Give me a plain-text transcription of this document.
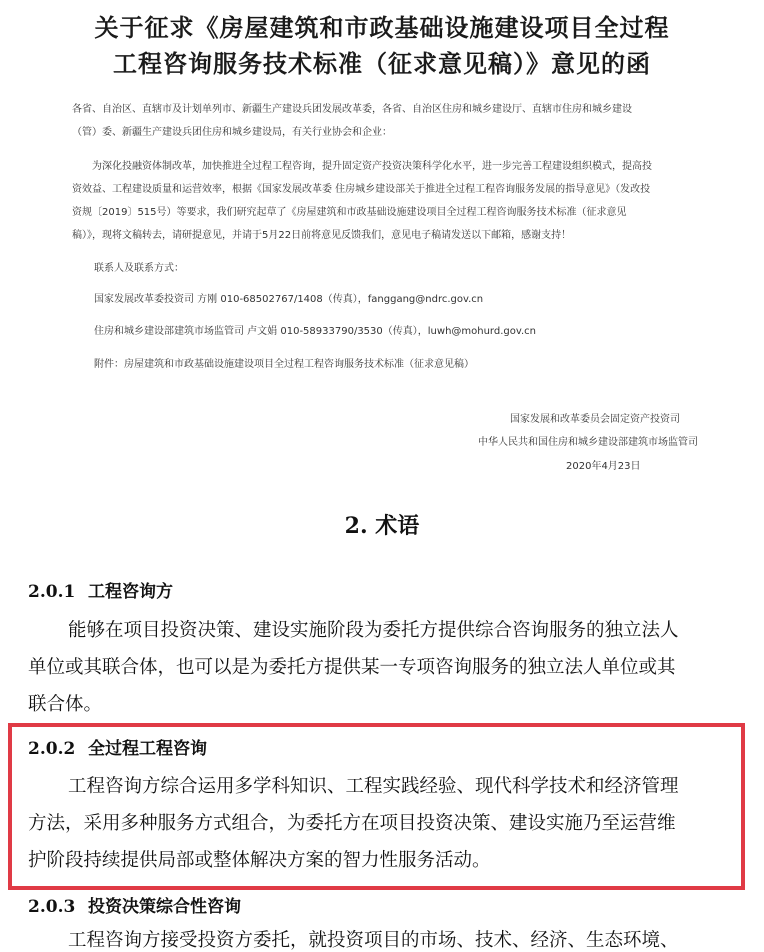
关于征求《房屋建筑和市政基础设施建设项目全过程
工程咨询服务技术标准（征求意见稿）》意见的函
各省、自治区、直辖市及计划单列市、新疆生产建设兵团发展改革委，各省、自治区住房和城乡建设厅、直辖市住房和城乡建设
（管）委、新疆生产建设兵团住房和城乡建设局，有关行业协会和企业：
为深化投融资体制改革，加快推进全过程工程咨询，提升固定资产投资决策科学化水平，进一步完善工程建设组织模式，提高投
资效益、工程建设质量和运营效率，根据《国家发展改革委 住房城乡建设部关于推进全过程工程咨询服务发展的指导意见》（发改投
资规〔2019〕515号）等要求，我们研究起草了《房屋建筑和市政基础设施建设项目全过程工程咨询服务技术标准（征求意见
稿）》，现将文稿转去，请研提意见，并请于5月22日前将意见反馈我们，意见电子稿请发送以下邮箱，感谢支持！
联系人及联系方式：
国家发展改革委投资司 方刚 010-68502767/1408（传真），fanggang@ndrc.gov.cn
住房和城乡建设部建筑市场监管司 卢文娟 010-58933790/3530（传真），luwh@mohurd.gov.cn
附件：房屋建筑和市政基础设施建设项目全过程工程咨询服务技术标准（征求意见稿）
国家发展和改革委员会固定资产投资司
中华人民共和国住房和城乡建设部建筑市场监管司
2020年4月23日
2. 术语
2.0.1 工程咨询方
能够在项目投资决策、建设实施阶段为委托方提供综合咨询服务的独立法人
单位或其联合体，也可以是为委托方提供某一专项咨询服务的独立法人单位或其
联合体。
2.0.2 全过程工程咨询
工程咨询方综合运用多学科知识、工程实践经验、现代科学技术和经济管理
方法，采用多种服务方式组合，为委托方在项目投资决策、建设实施乃至运营维
护阶段持续提供局部或整体解决方案的智力性服务活动。
2.0.3 投资决策综合性咨询
工程咨询方接受投资方委托，就投资项目的市场、技术、经济、生态环境、
